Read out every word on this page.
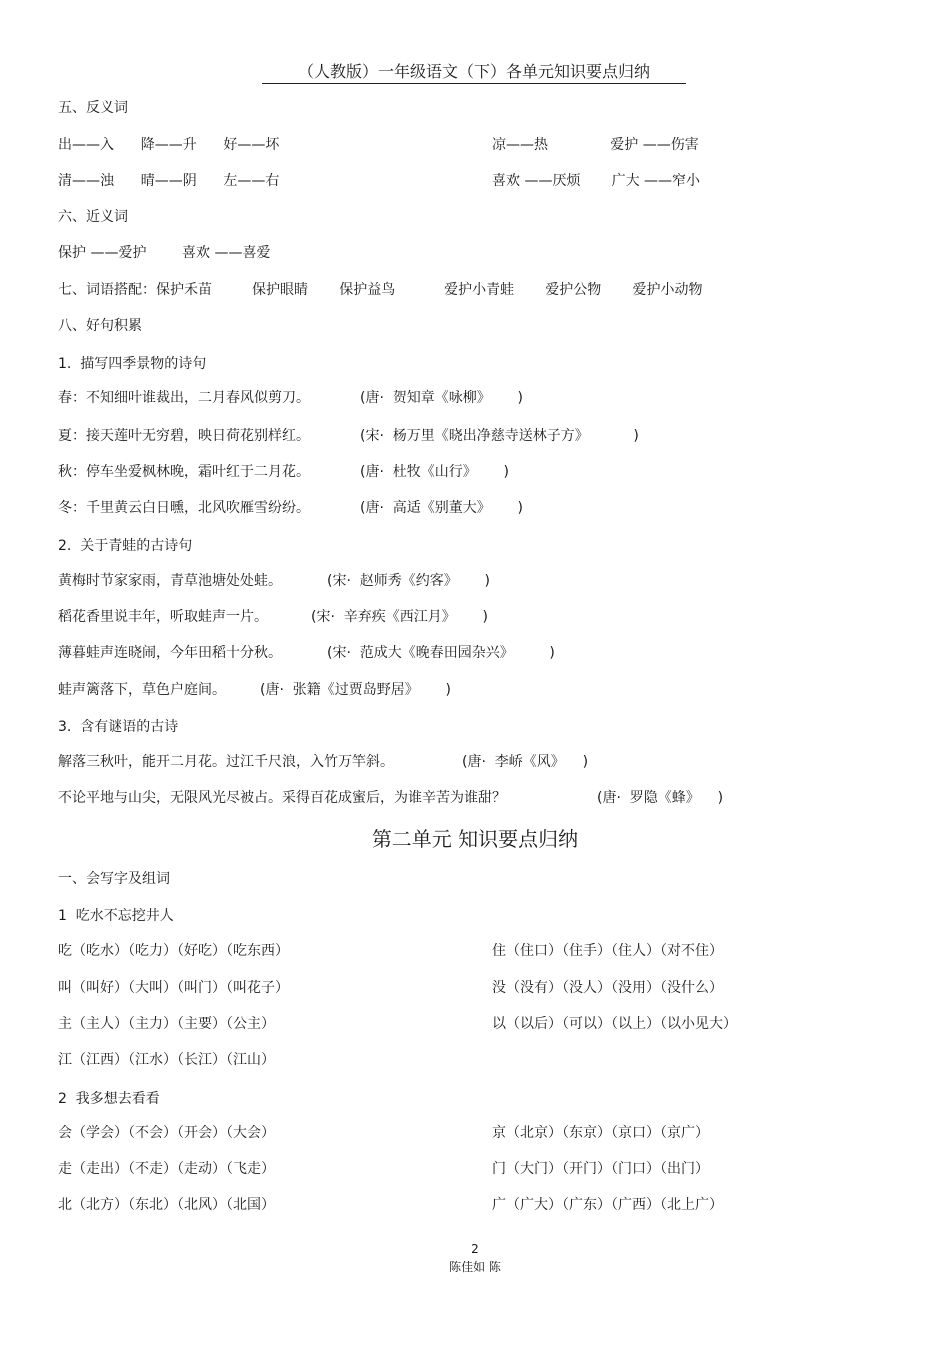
（人教版）一年级语文（下）各单元知识要点归纳
五、反义词
出——入      降——升      好——坏	凉——热              爱护 ——伤害
清——浊      晴——阴      左——右	喜欢 ——厌烦       广大 ——窄小
六、近义词
保护 ——爱护        喜欢 ——喜爱
七、词语搭配：保护禾苗         保护眼睛       保护益鸟           爱护小青蛙       爱护公物       爱护小动物
八、好句积累
1.  描写四季景物的诗句
春：不知细叶谁裁出，二月春风似剪刀。	(唐·  贺知章《咏柳》      )
夏：接天莲叶无穷碧，映日荷花别样红。	(宋·  杨万里《晓出净慈寺送林子方》          )
秋：停车坐爱枫林晚，霜叶红于二月花。	(唐·  杜牧《山行》      )
冬：千里黄云白日曛，北风吹雁雪纷纷。	(唐·  高适《别董大》      )
2.  关于青蛙的古诗句
黄梅时节家家雨，青草池塘处处蛙。	(宋·  赵师秀《约客》      )
稻花香里说丰年，听取蛙声一片。	(宋·  辛弃疾《西江月》      )
薄暮蛙声连晓闹，今年田稻十分秋。	(宋·  范成大《晚春田园杂兴》        )
蛙声篱落下，草色户庭间。 (唐·  张籍《过贾岛野居》      )
3.  含有谜语的古诗
解落三秋叶，能开二月花。过江千尺浪，入竹万竿斜。	(唐·  李峤《风》    )
不论平地与山尖，无限风光尽被占。采得百花成蜜后，为谁辛苦为谁甜？	(唐·  罗隐《蜂》    )
第二单元 知识要点归纳
一、会写字及组词
1  吃水不忘挖井人
吃（吃水）（吃力）（好吃）（吃东西）	住（住口）（住手）（住人）（对不住）
叫（叫好）（大叫）（叫门）（叫花子）	没（没有）（没人）（没用）（没什么）
主（主人）（主力）（主要）（公主）	以（以后）（可以）（以上）（以小见大）
江（江西）（江水）（长江）（江山）
2  我多想去看看
会（学会）（不会）（开会）（大会）	京（北京）（东京）（京口）（京广）
走（走出）（不走）（走动）（飞走）	门（大门）（开门）（门口）（出门）
北（北方）（东北）（北风）（北国）	广（广大）（广东）（广西）（北上广）
2
陈佳如 陈
